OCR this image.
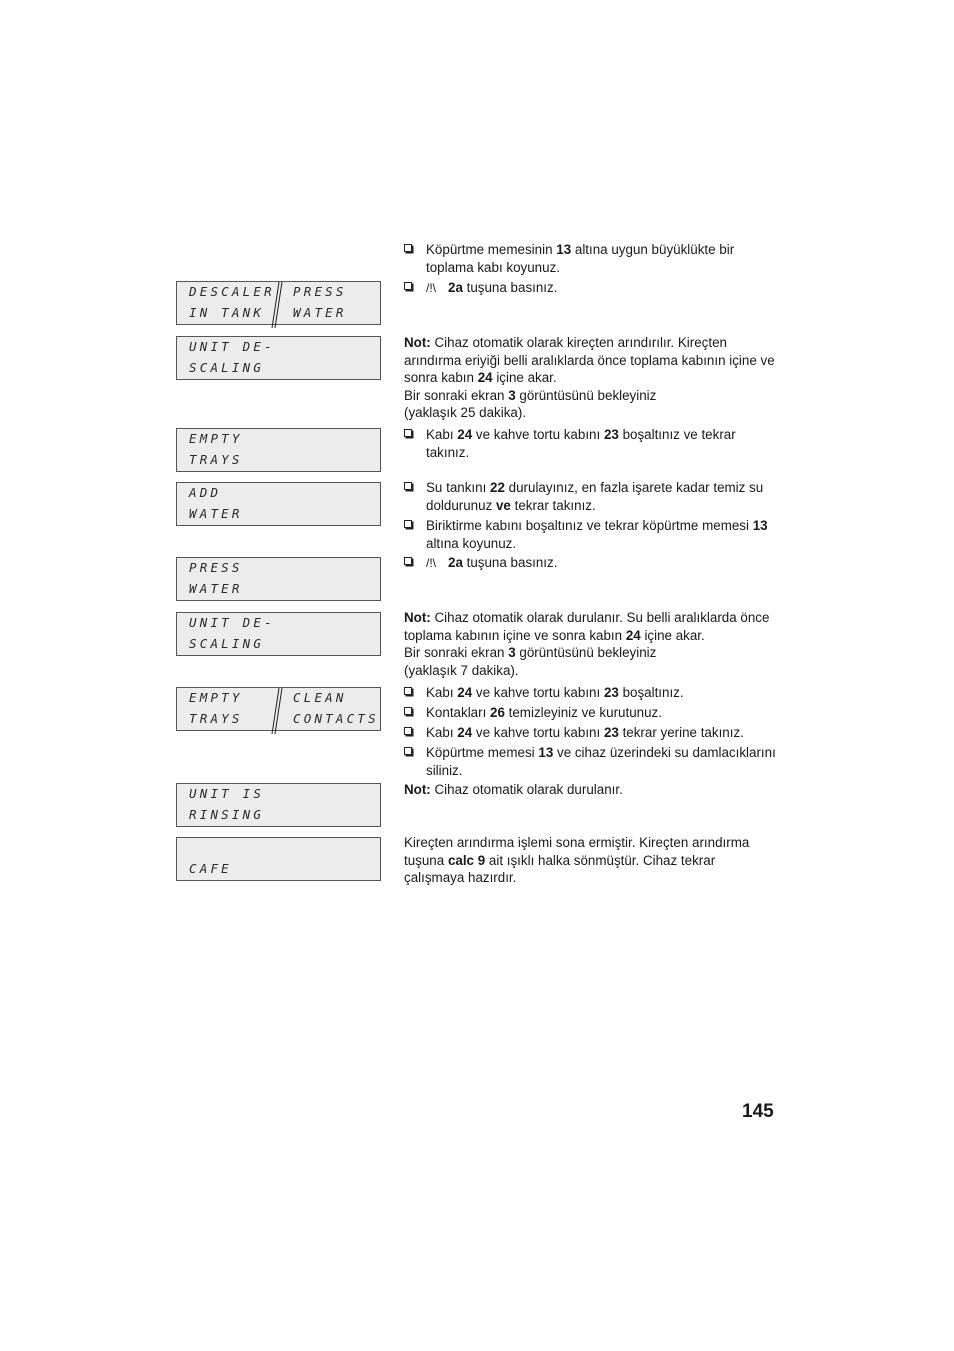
DESCALER
IN TANK
PRESS
WATER
UNIT DE-
SCALING
EMPTY
TRAYS
ADD
WATER
PRESS
WATER
UNIT DE-
SCALING
EMPTY
TRAYS
CLEAN
CONTACTS
UNIT IS
RINSING
CAFE
Köpürtme memesinin 13 altına uygun büyüklükte bir toplama kabı koyunuz.
/!\ 2a tuşuna basınız.
Not: Cihaz otomatik olarak kireçten arındırılır. Kireçten arındırma eriyiği belli aralıklarda önce toplama kabının içine ve sonra kabın 24 içine akar.
Bir sonraki ekran 3 görüntüsünü bekleyiniz
(yaklaşık 25 dakika).
Kabı 24 ve kahve tortu kabını 23 boşaltınız ve tekrar takınız.
Su tankını 22 durulayınız, en fazla işarete kadar temiz su doldurunuz ve tekrar takınız.
Biriktirme kabını boşaltınız ve tekrar köpürtme memesi 13 altına koyunuz.
/!\ 2a tuşuna basınız.
Not: Cihaz otomatik olarak durulanır. Su belli aralıklarda önce toplama kabının içine ve sonra kabın 24 içine akar.
Bir sonraki ekran 3 görüntüsünü bekleyiniz
(yaklaşık 7 dakika).
Kabı 24 ve kahve tortu kabını 23 boşaltınız.
Kontakları 26 temizleyiniz ve kurutunuz.
Kabı 24 ve kahve tortu kabını 23 tekrar yerine takınız.
Köpürtme memesi 13 ve cihaz üzerindeki su damlacıklarını siliniz.
Not: Cihaz otomatik olarak durulanır.
Kireçten arındırma işlemi sona ermiştir. Kireçten arındırma tuşuna calc 9 ait ışıklı halka sönmüştür. Cihaz tekrar çalışmaya hazırdır.
145
